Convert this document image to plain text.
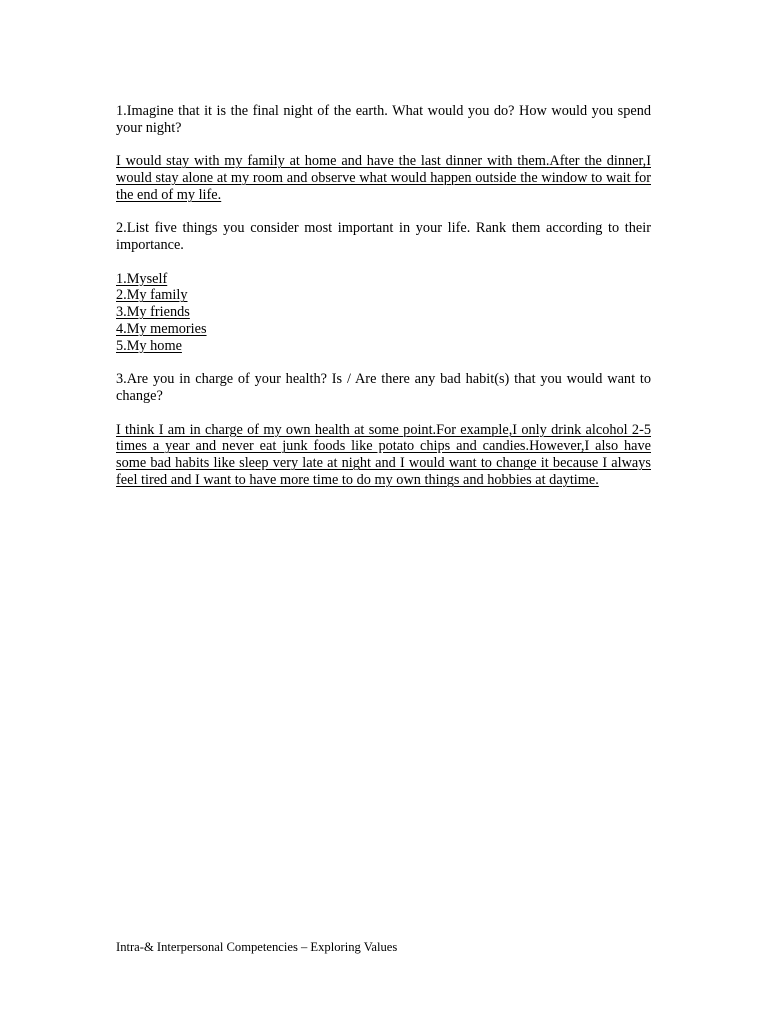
1.Imagine that it is the final night of the earth. What would you do? How would you spend your night?

I would stay with my family at home and have the last dinner with them.After the dinner,I would stay alone at my room and observe what would happen outside the window to wait for the end of my life.

2.List five things you consider most important in your life. Rank them according to their importance.

1.Myself
2.My family
3.My friends
4.My memories
5.My home

3.Are you in charge of your health? Is / Are there any bad habit(s) that you would want to change?

I think I am in charge of my own health at some point.For example,I only drink alcohol 2-5 times a year and never eat junk foods like potato chips and candies.However,I also have some bad habits like sleep very late at night and I would want to change it because I always feel tired and I want to have more time to do my own things and hobbies at daytime.

Intra-& Interpersonal Competencies – Exploring Values
